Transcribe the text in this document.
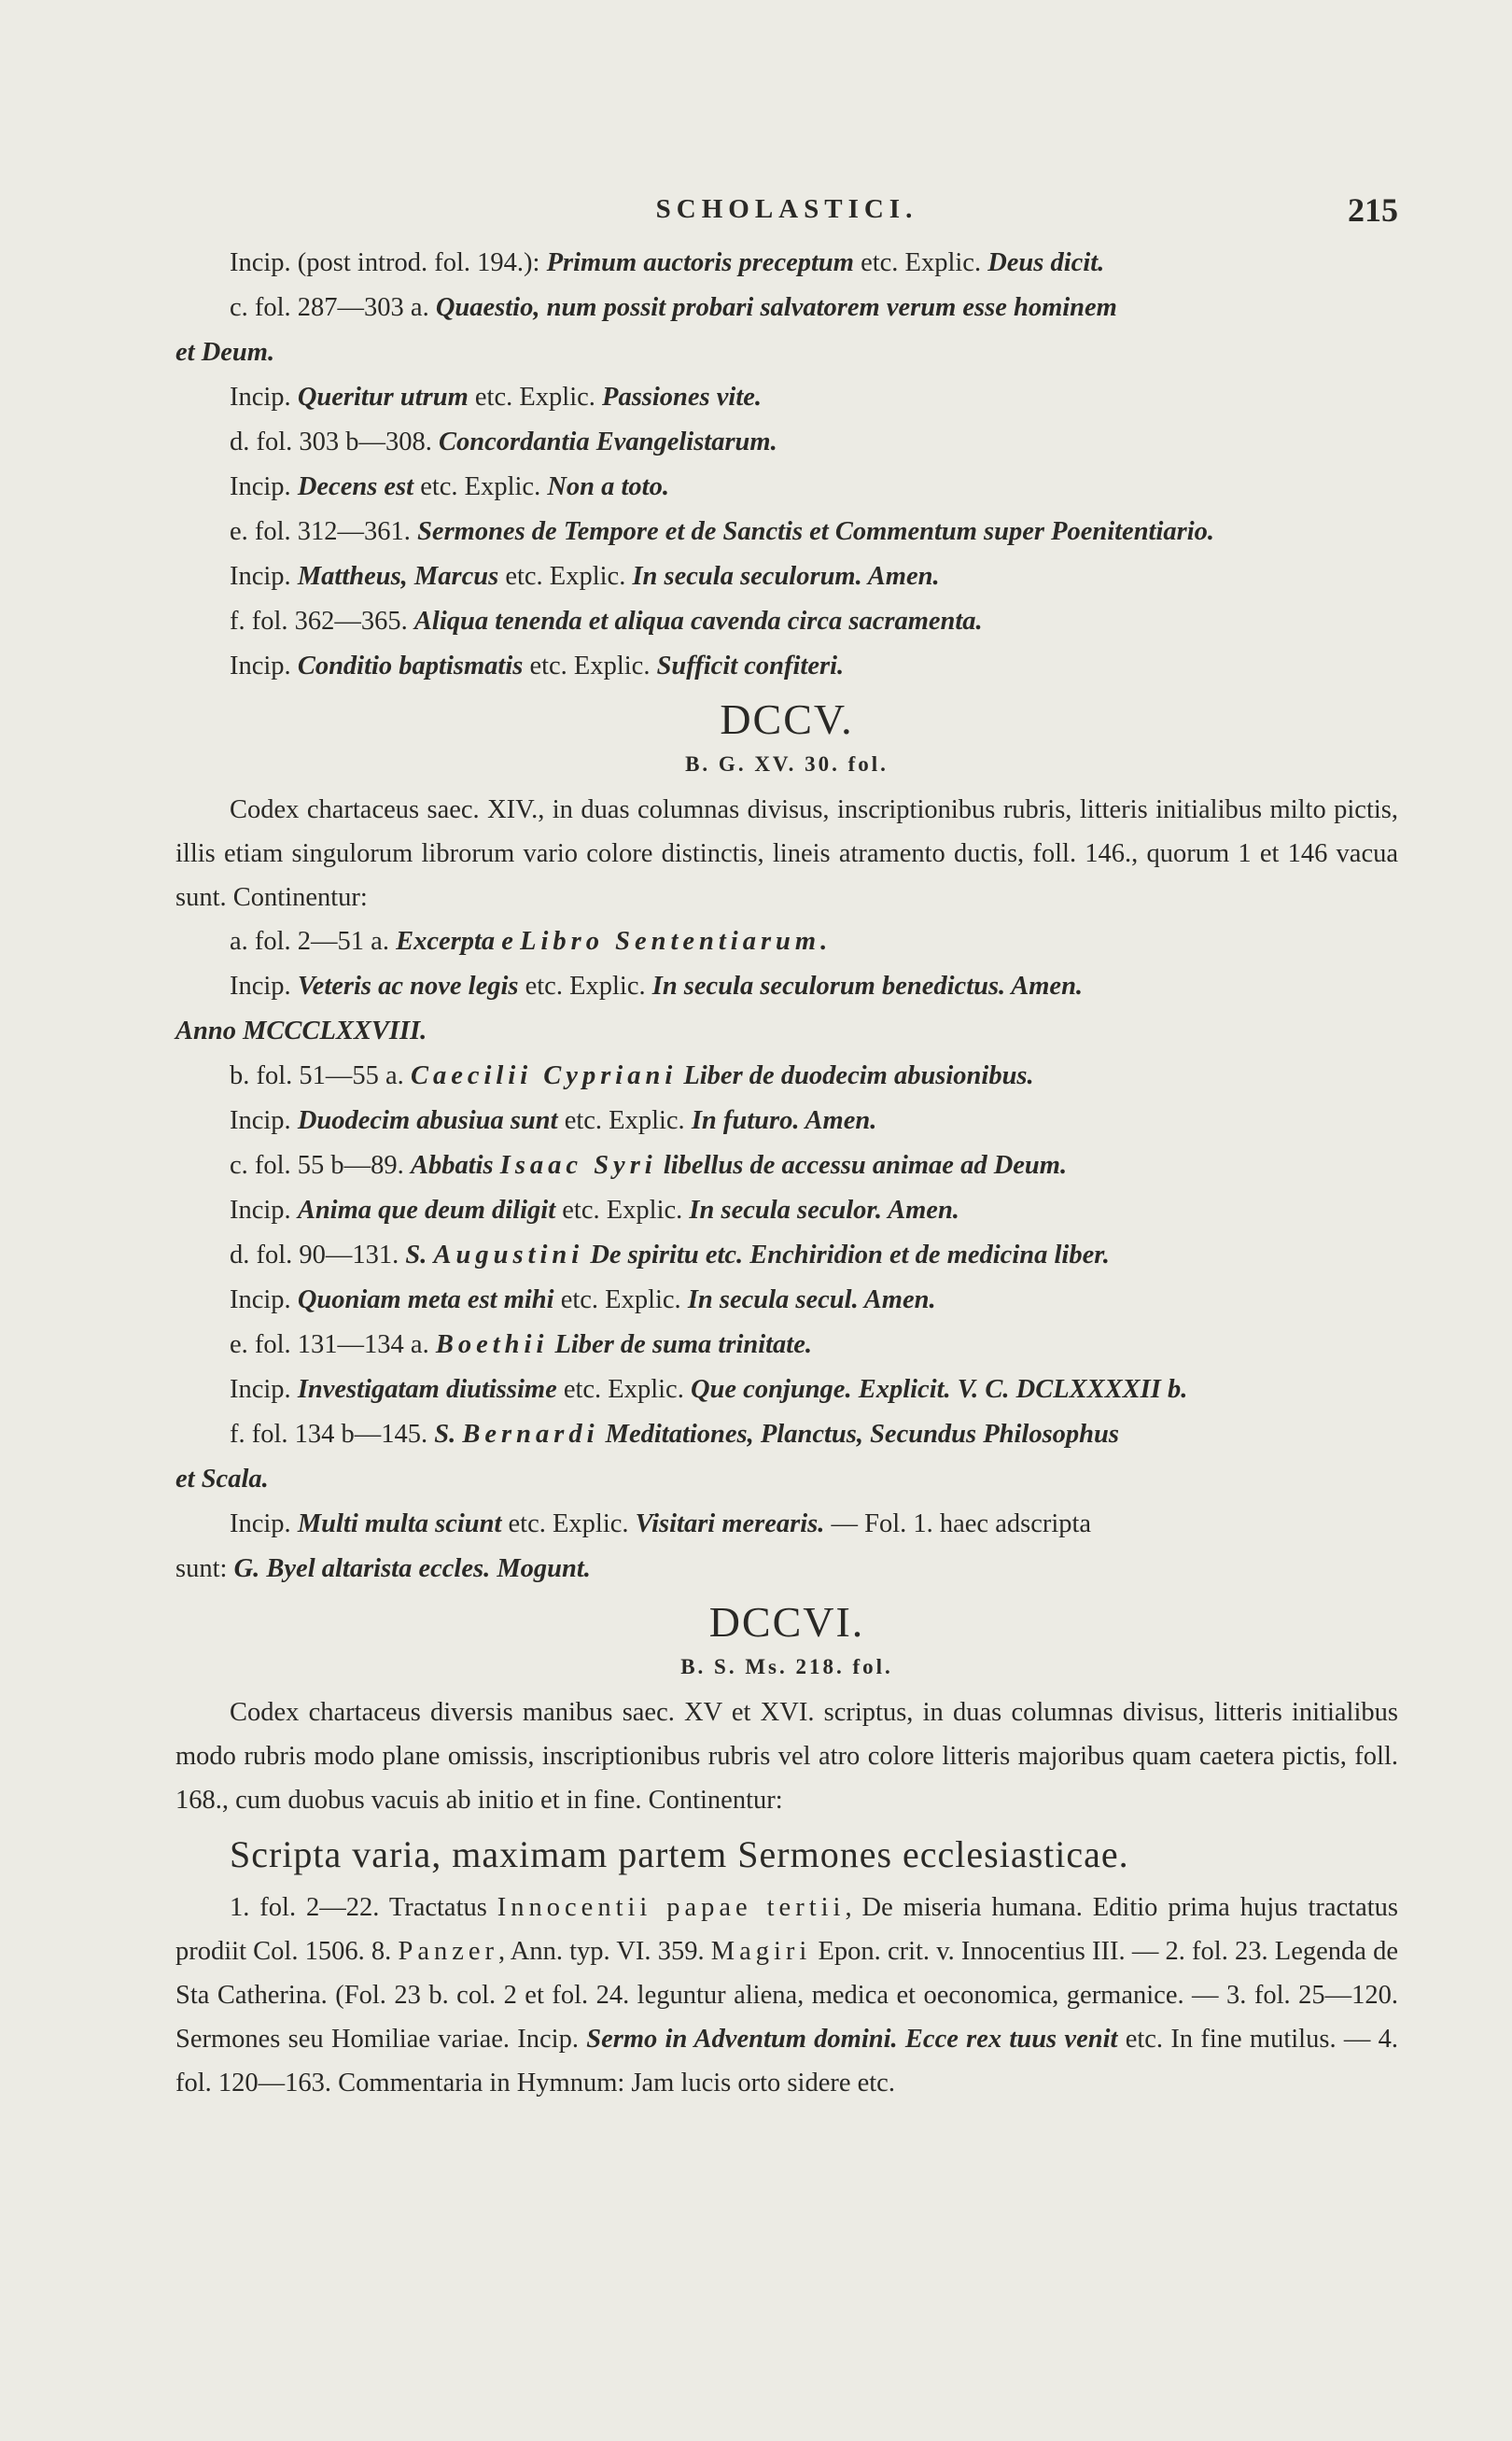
SCHOLASTICI.	215

Incip. (post introd. fol. 194.): Primum auctoris preceptum etc. Explic. Deus dicit.

c. fol. 287—303 a. Quaestio, num possit probari salvatorem verum esse hominem

et Deum.

Incip. Queritur utrum etc. Explic. Passiones vite.

d. fol. 303 b—308. Concordantia Evangelistarum.

Incip. Decens est etc. Explic. Non a toto.

e. fol. 312—361. Sermones de Tempore et de Sanctis et Commentum super Poenitentiario.

Incip. Mattheus, Marcus etc. Explic. In secula seculorum. Amen.

f. fol. 362—365. Aliqua tenenda et aliqua cavenda circa sacramenta.

Incip. Conditio baptismatis etc. Explic. Sufficit confiteri.

DCCV.
B. G. XV. 30. fol.

Codex chartaceus saec. XIV., in duas columnas divisus, inscriptionibus rubris, litteris initialibus milto pictis, illis etiam singulorum librorum vario colore distinctis, lineis atramento ductis, foll. 146., quorum 1 et 146 vacua sunt. Continentur:

a. fol. 2—51 a. Excerpta e Libro Sententiarum.

Incip. Veteris ac nove legis etc. Explic. In secula seculorum benedictus. Amen.

Anno MCCCLXXVIII.

b. fol. 51—55 a. Caecilii Cypriani Liber de duodecim abusionibus.

Incip. Duodecim abusiua sunt etc. Explic. In futuro. Amen.

c. fol. 55 b—89. Abbatis Isaac Syri libellus de accessu animae ad Deum.

Incip. Anima que deum diligit etc. Explic. In secula seculor. Amen.

d. fol. 90—131. S. Augustini De spiritu etc. Enchiridion et de medicina liber.

Incip. Quoniam meta est mihi etc. Explic. In secula secul. Amen.

e. fol. 131—134 a. Boethii Liber de suma trinitate.

Incip. Investigatam diutissime etc. Explic. Que conjunge. Explicit. V. C. DCLXXXXII b.

f. fol. 134 b—145. S. Bernardi Meditationes, Planctus, Secundus Philosophus

et Scala.

Incip. Multi multa sciunt etc. Explic. Visitari merearis. — Fol. 1. haec adscripta

sunt: G. Byel altarista eccles. Mogunt.

DCCVI.
B. S. Ms. 218. fol.

Codex chartaceus diversis manibus saec. XV et XVI. scriptus, in duas columnas divisus, litteris initialibus modo rubris modo plane omissis, inscriptionibus rubris vel atro colore litteris majoribus quam caetera pictis, foll. 168., cum duobus vacuis ab initio et in fine. Continentur:

Scripta varia, maximam partem Sermones ecclesiasticae.

1. fol. 2—22. Tractatus Innocentii papae tertii, De miseria humana. Editio prima hujus tractatus prodiit Col. 1506. 8. Panzer, Ann. typ. VI. 359. Magiri Epon. crit. v. Innocentius III. — 2. fol. 23. Legenda de Sta Catherina. (Fol. 23 b. col. 2 et fol. 24. leguntur aliena, medica et oeconomica, germanice. — 3. fol. 25—120. Sermones seu Homiliae variae. Incip. Sermo in Adventum domini. Ecce rex tuus venit etc. In fine mutilus. — 4. fol. 120—163. Commentaria in Hymnum: Jam lucis orto sidere etc.
